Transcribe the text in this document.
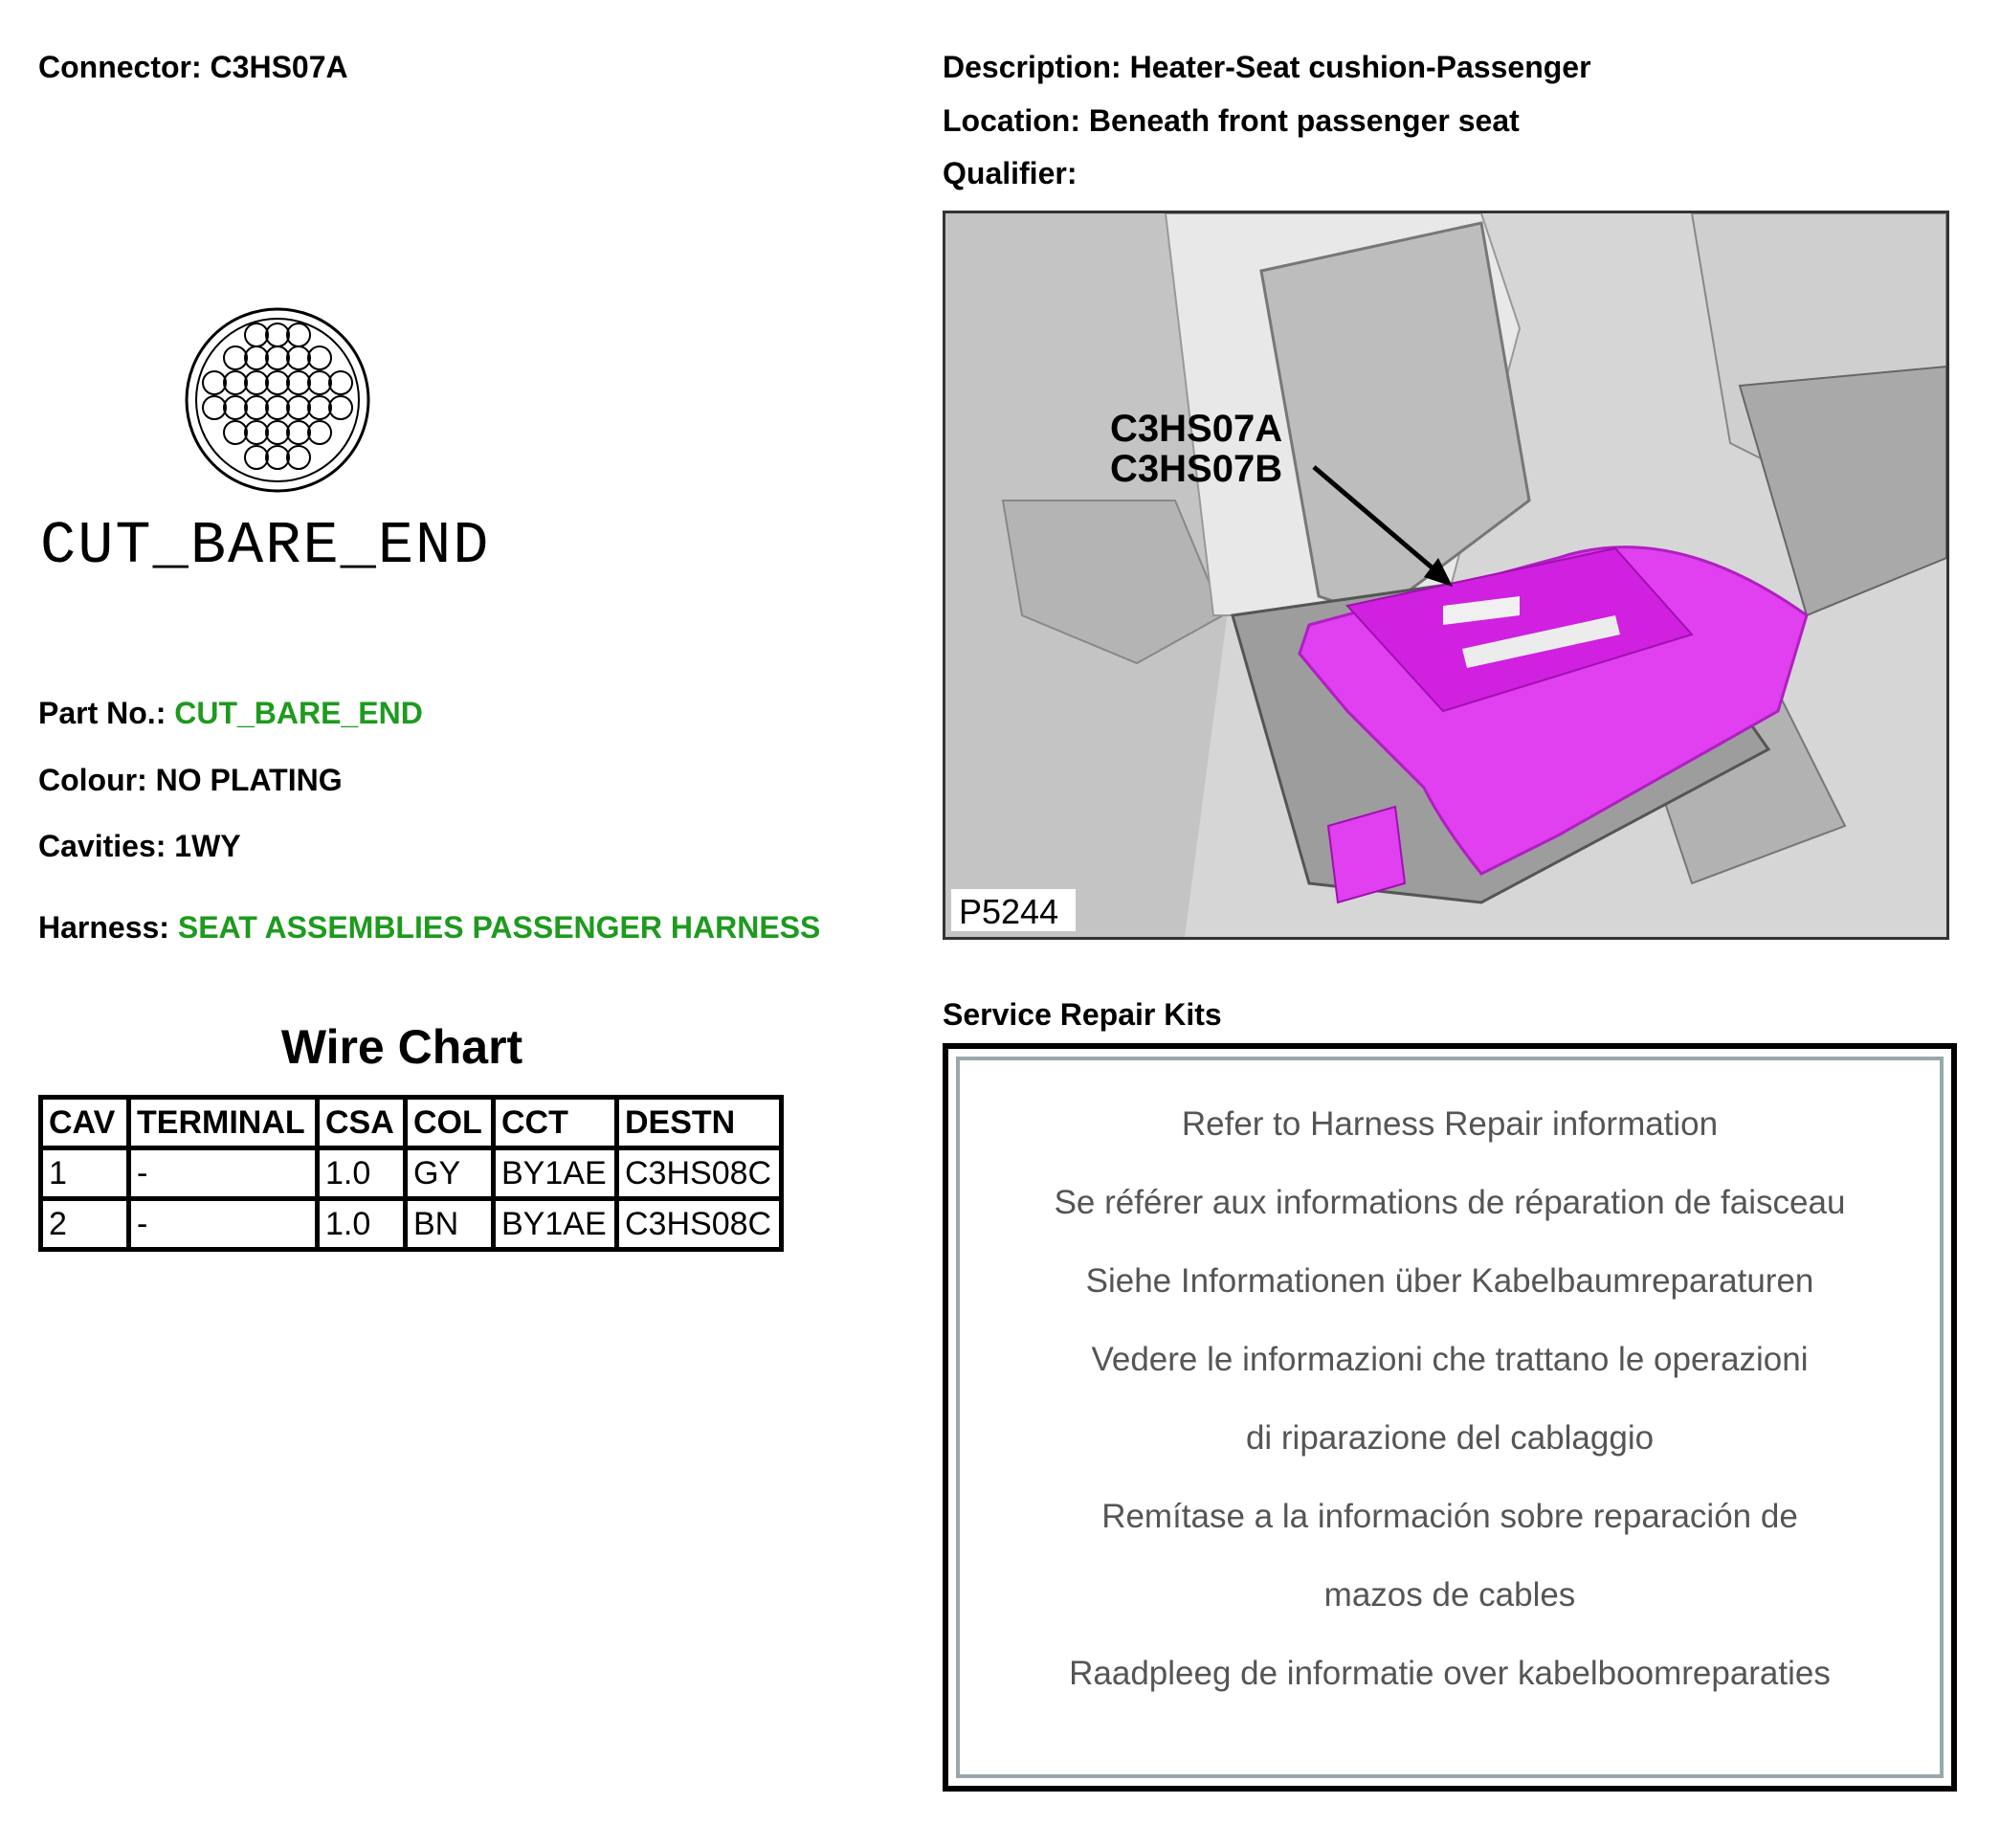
Connector: C3HS07A	Description: Heater-Seat cushion-Passenger
Location: Beneath front passenger seat
Qualifier:
CUT_BARE_END
Part No.: CUT_BARE_END
Colour: NO PLATING
Cavities: 1WY
Harness: SEAT ASSEMBLIES PASSENGER HARNESS
Wire Chart
CAV	TERMINAL	CSA	COL	CCT	DESTN
1	-	1.0	GY	BY1AE	C3HS08C
2	-	1.0	BN	BY1AE	C3HS08C
C3HS07A
C3HS07B
P5244
Service Repair Kits
Refer to Harness Repair information
Se référer aux informations de réparation de faisceau
Siehe Informationen über Kabelbaumreparaturen
Vedere le informazioni che trattano le operazioni
di riparazione del cablaggio
Remítase a la información sobre reparación de
mazos de cables
Raadpleeg de informatie over kabelboomreparaties
